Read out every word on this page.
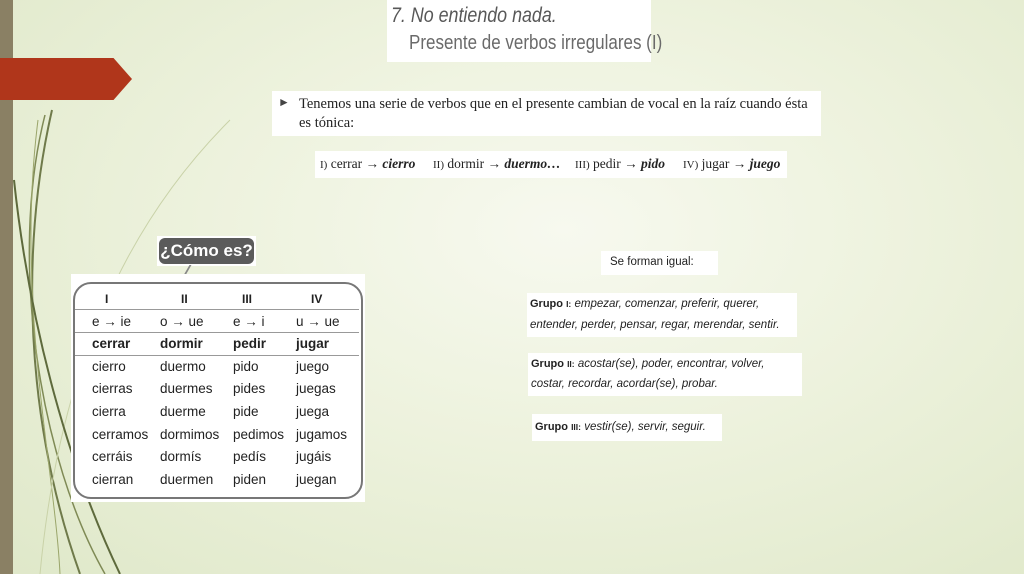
7. No entiendo nada.
Presente de verbos irregulares (I)
► Tenemos una serie de verbos que en el presente cambian de vocal en la raíz cuando ésta es tónica:
I) cerrar → cierro II) dormir → duermo… III) pedir → pido IV) jugar → juego
¿Cómo es?
I	II	III	IV
e → ie o → ue e → i u → ue
cerrar dormir pedir jugar
cierro	duermo pido	juego
cierras duermes pides juegas
cierra	duerme pide	juega
cerramos dormimos pedimos jugamos
cerráis dormís pedís jugáis
cierran duermen piden juegan
Se forman igual:
Grupo I: empezar, comenzar, preferir, querer,
entender, perder, pensar, regar, merendar, sentir.
Grupo II: acostar(se), poder, encontrar, volver,
costar, recordar, acordar(se), probar.
Grupo III: vestir(se), servir, seguir.
